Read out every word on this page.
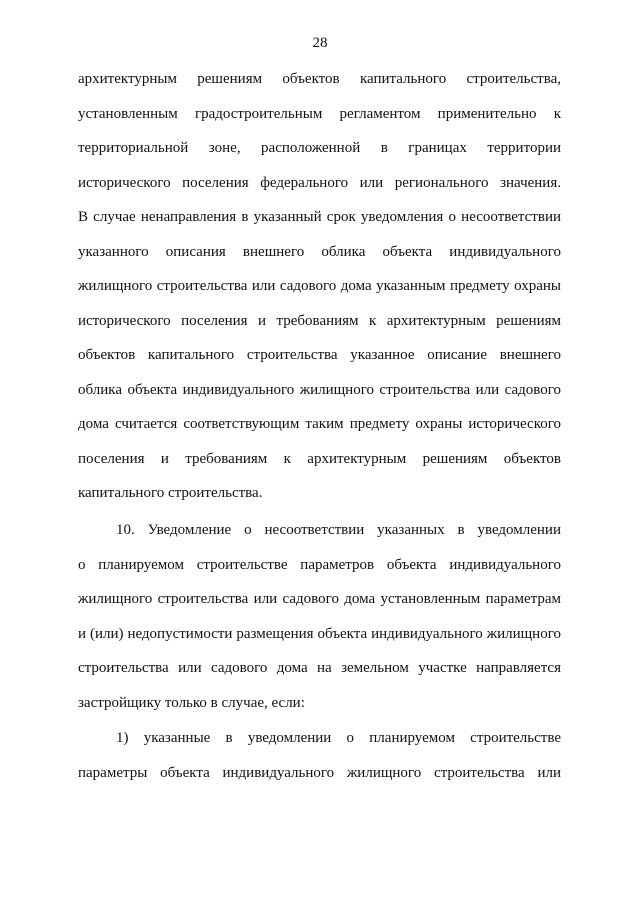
28
архитектурным решениям объектов капитального строительства,
установленным градостроительным регламентом применительно к
территориальной зоне, расположенной в границах территории
исторического поселения федерального или регионального значения.
В случае ненаправления в указанный срок уведомления о несоответствии
указанного описания внешнего облика объекта индивидуального
жилищного строительства или садового дома указанным предмету охраны
исторического поселения и требованиям к архитектурным решениям
объектов капитального строительства указанное описание внешнего
облика объекта индивидуального жилищного строительства или садового
дома считается соответствующим таким предмету охраны исторического
поселения и требованиям к архитектурным решениям объектов
капитального строительства.
10. Уведомление о несоответствии указанных в уведомлении
о планируемом строительстве параметров объекта индивидуального
жилищного строительства или садового дома установленным параметрам
и (или) недопустимости размещения объекта индивидуального жилищного
строительства или садового дома на земельном участке направляется
застройщику только в случае, если:
1) указанные в уведомлении о планируемом строительстве
параметры объекта индивидуального жилищного строительства или
